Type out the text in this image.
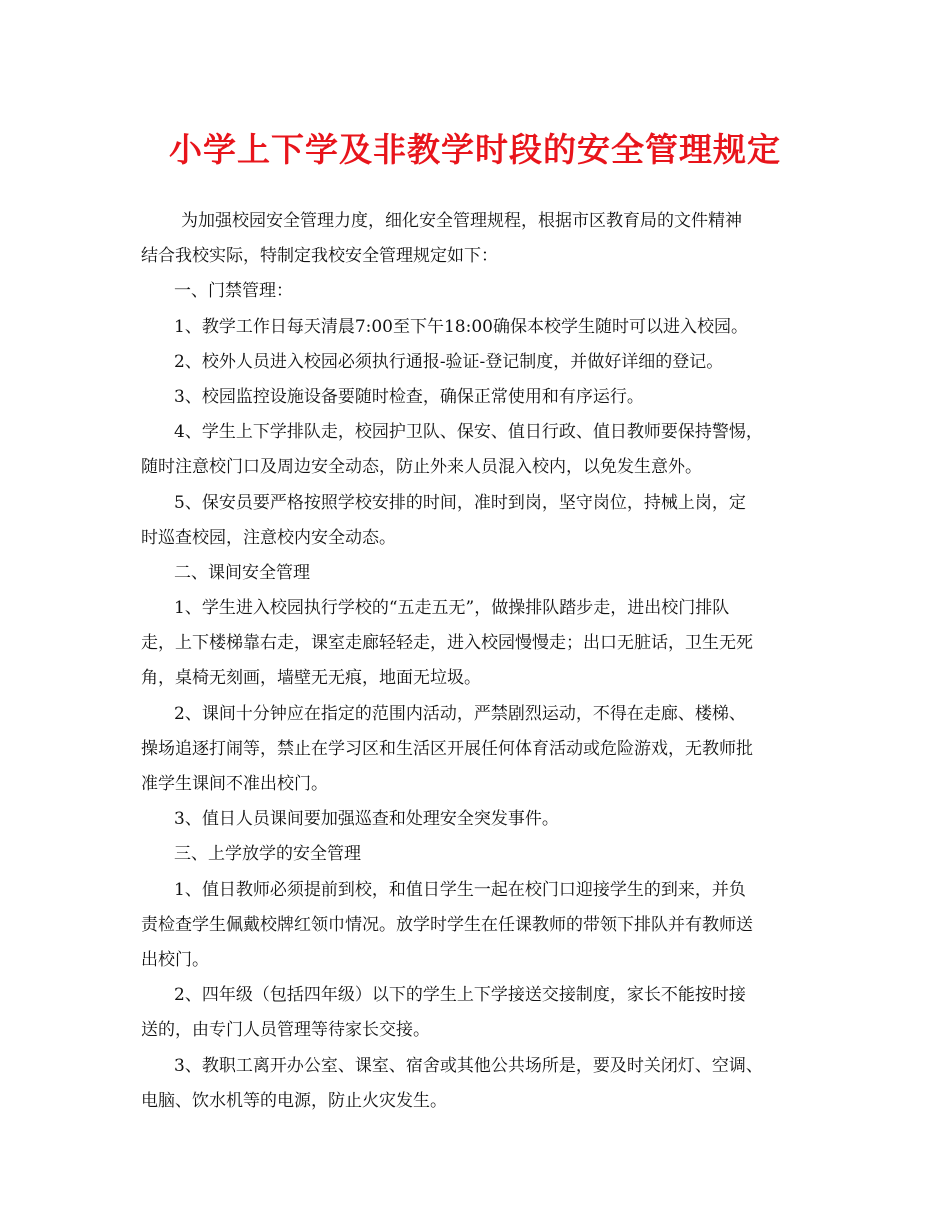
小学上下学及非教学时段的安全管理规定
为加强校园安全管理力度，细化安全管理规程，根据市区教育局的文件精神
结合我校实际，特制定我校安全管理规定如下：
一、门禁管理：
1、教学工作日每天清晨7:00至下午18:00确保本校学生随时可以进入校园。
2、校外人员进入校园必须执行通报-验证-登记制度，并做好详细的登记。
3、校园监控设施设备要随时检查，确保正常使用和有序运行。
4、学生上下学排队走，校园护卫队、保安、值日行政、值日教师要保持警惕，
随时注意校门口及周边安全动态，防止外来人员混入校内，以免发生意外。
5、保安员要严格按照学校安排的时间，准时到岗，坚守岗位，持械上岗，定
时巡查校园，注意校内安全动态。
二、课间安全管理
1、学生进入校园执行学校的“五走五无”，做操排队踏步走，进出校门排队
走，上下楼梯靠右走，课室走廊轻轻走，进入校园慢慢走；出口无脏话，卫生无死
角，桌椅无刻画，墙壁无无痕，地面无垃圾。
2、课间十分钟应在指定的范围内活动，严禁剧烈运动，不得在走廊、楼梯、
操场追逐打闹等，禁止在学习区和生活区开展任何体育活动或危险游戏，无教师批
准学生课间不准出校门。
3、值日人员课间要加强巡查和处理安全突发事件。
三、上学放学的安全管理
1、值日教师必须提前到校，和值日学生一起在校门口迎接学生的到来，并负
责检查学生佩戴校牌红领巾情况。放学时学生在任课教师的带领下排队并有教师送
出校门。
2、四年级（包括四年级）以下的学生上下学接送交接制度，家长不能按时接
送的，由专门人员管理等待家长交接。
3、教职工离开办公室、课室、宿舍或其他公共场所是，要及时关闭灯、空调、
电脑、饮水机等的电源，防止火灾发生。
